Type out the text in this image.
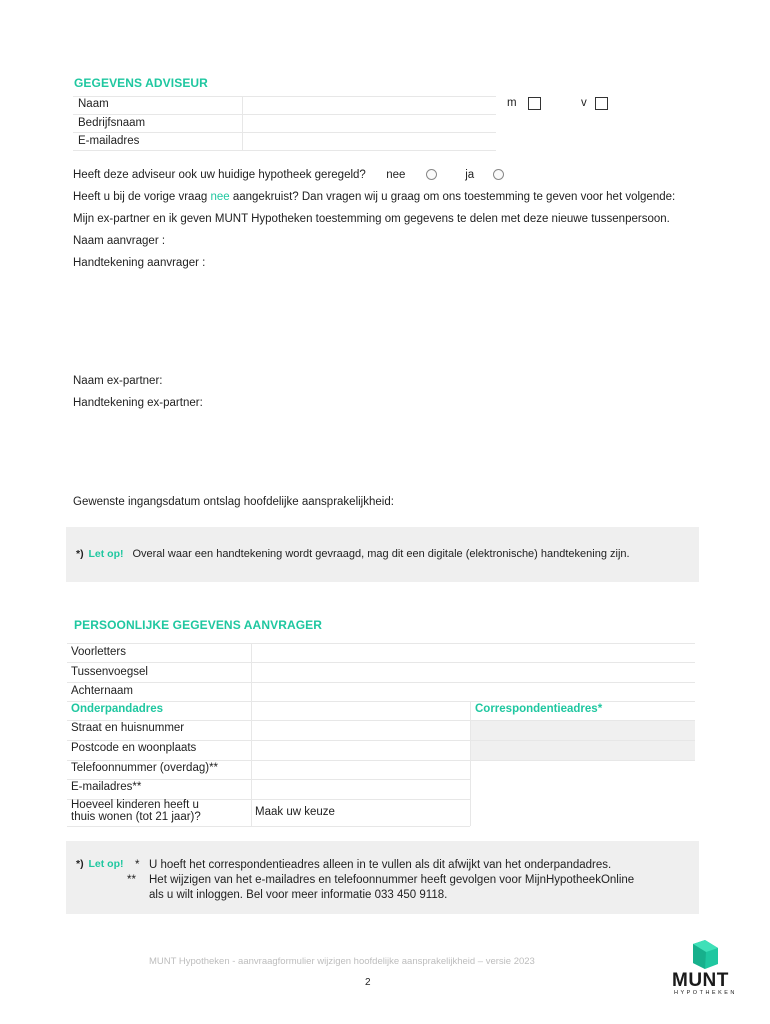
GEGEVENS ADVISEUR
Naam
Bedrijfsnaam
E-mailadres
m	v
Heeft deze adviseur ook uw huidige hypotheek geregeld? nee	ja
Heeft u bij de vorige vraag nee aangekruist? Dan vragen wij u graag om ons toestemming te geven voor het volgende:
Mijn ex-partner en ik geven MUNT Hypotheken toestemming om gegevens te delen met deze nieuwe tussenpersoon.
Naam aanvrager :
Handtekening aanvrager :
Naam ex-partner:
Handtekening ex-partner:
Gewenste ingangsdatum ontslag hoofdelijke aansprakelijkheid:
*) Let op! Overal waar een handtekening wordt gevraagd, mag dit een digitale (elektronische) handtekening zijn.
PERSOONLIJKE GEGEVENS AANVRAGER
Voorletters
Tussenvoegsel
Achternaam
Onderpandadres	Correspondentieadres*
Straat en huisnummer
Postcode en woonplaats
Telefoonnummer (overdag)**
E-mailadres**
Hoeveel kinderen heeft u
thuis wonen (tot 21 jaar)?	Maak uw keuze
*) Let op! * U hoeft het correspondentieadres alleen in te vullen als dit afwijkt van het onderpandadres.
** Het wijzigen van het e-mailadres en telefoonnummer heeft gevolgen voor MijnHypotheekOnline
als u wilt inloggen. Bel voor meer informatie 033 450 9118.
MUNT Hypotheken - aanvraagformulier wijzigen hoofdelijke aansprakelijkheid – versie 2023
2	MUNT
HYPOTHEKEN
